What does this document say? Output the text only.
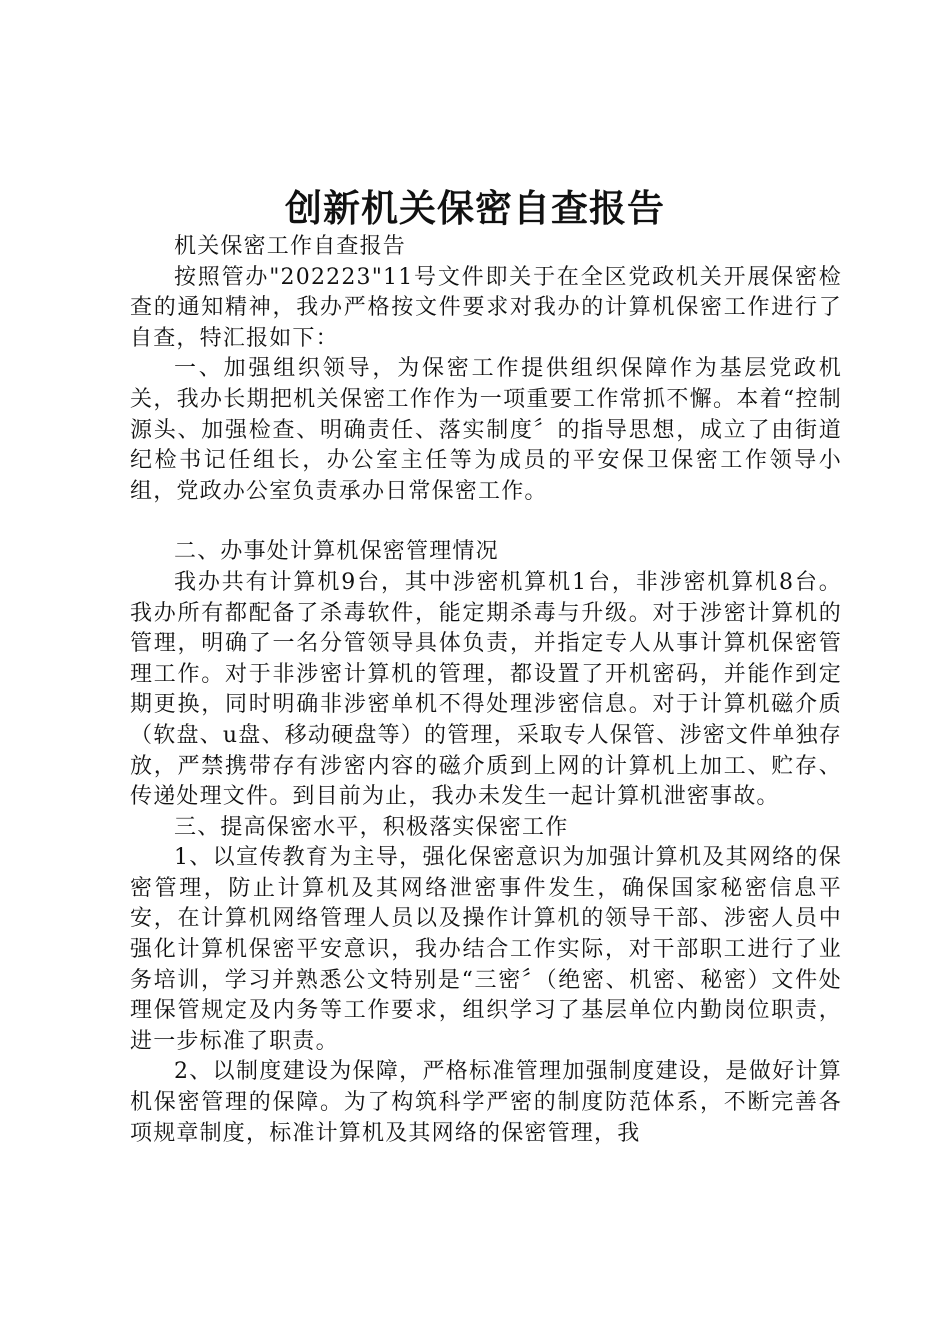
创新机关保密自查报告

机关保密工作自查报告

按照管办"202223"11号文件即关于在全区党政机关开展保密检查的通知精神，我办严格按文件要求对我办的计算机保密工作进行了自查，特汇报如下：

一、加强组织领导，为保密工作提供组织保障作为基层党政机关，我办长期把机关保密工作作为一项重要工作常抓不懈。本着“控制源头、加强检查、明确责任、落实制度〞的指导思想，成立了由街道纪检书记任组长，办公室主任等为成员的平安保卫保密工作领导小组，党政办公室负责承办日常保密工作。

二、办事处计算机保密管理情况

我办共有计算机9台，其中涉密机算机1台，非涉密机算机8台。我办所有都配备了杀毒软件，能定期杀毒与升级。对于涉密计算机的管理，明确了一名分管领导具体负责，并指定专人从事计算机保密管理工作。对于非涉密计算机的管理，都设置了开机密码，并能作到定期更换，同时明确非涉密单机不得处理涉密信息。对于计算机磁介质（软盘、u盘、移动硬盘等）的管理，采取专人保管、涉密文件单独存放，严禁携带存有涉密内容的磁介质到上网的计算机上加工、贮存、传递处理文件。到目前为止，我办未发生一起计算机泄密事故。

三、提高保密水平，积极落实保密工作

1、以宣传教育为主导，强化保密意识为加强计算机及其网络的保密管理，防止计算机及其网络泄密事件发生，确保国家秘密信息平安，在计算机网络管理人员以及操作计算机的领导干部、涉密人员中强化计算机保密平安意识，我办结合工作实际，对干部职工进行了业务培训，学习并熟悉公文特别是“三密〞（绝密、机密、秘密）文件处理保管规定及内务等工作要求，组织学习了基层单位内勤岗位职责，进一步标准了职责。

2、以制度建设为保障，严格标准管理加强制度建设，是做好计算机保密管理的保障。为了构筑科学严密的制度防范体系，不断完善各项规章制度，标准计算机及其网络的保密管理，我
